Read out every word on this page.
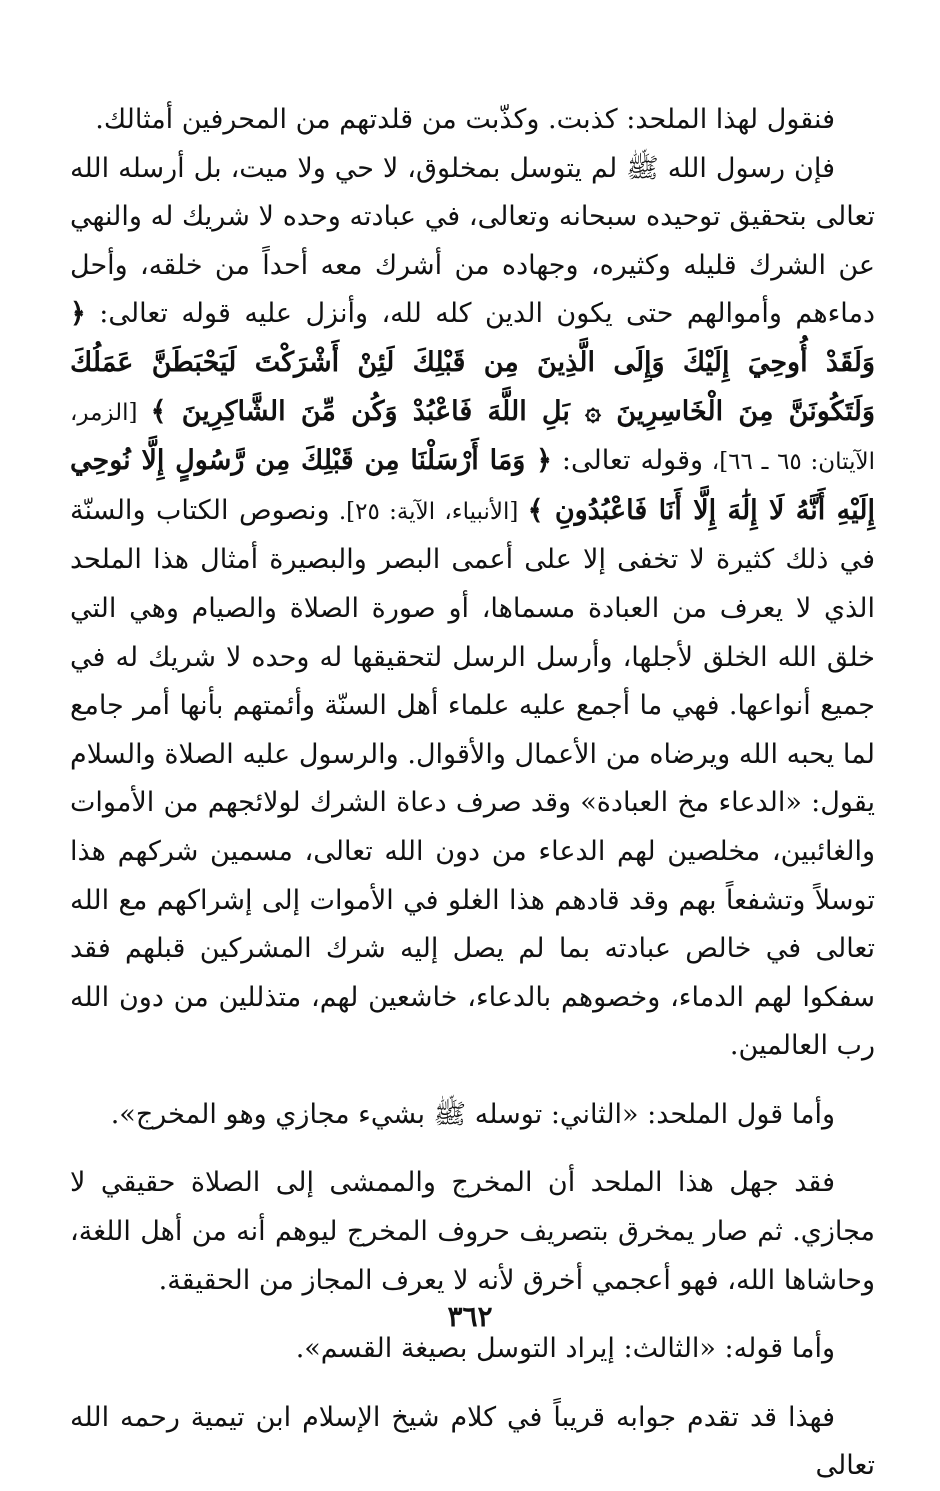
فنقول لهذا الملحد: كذبت. وكذّبت من قلدتهم من المحرفين أمثالك.

فإن رسول الله ﷺ لم يتوسل بمخلوق، لا حي ولا ميت، بل أرسله الله تعالى بتحقيق توحيده سبحانه وتعالى، في عبادته وحده لا شريك له والنهي عن الشرك قليله وكثيره، وجهاده من أشرك معه أحداً من خلقه، وأحل دماءهم وأموالهم حتى يكون الدين كله لله، وأنزل عليه قوله تعالى: ﴿ وَلَقَدْ أُوحِيَ إِلَيْكَ وَإِلَى الَّذِينَ مِن قَبْلِكَ لَئِنْ أَشْرَكْتَ لَيَحْبَطَنَّ عَمَلُكَ وَلَتَكُونَنَّ مِنَ الْخَاسِرِينَ ۞ بَلِ اللَّهَ فَاعْبُدْ وَكُن مِّنَ الشَّاكِرِينَ ﴾ [الزمر، الآيتان: ٦٥ ـ ٦٦]، وقوله تعالى: ﴿ وَمَا أَرْسَلْنَا مِن قَبْلِكَ مِن رَّسُولٍ إِلَّا نُوحِي إِلَيْهِ أَنَّهُ لَا إِلَٰهَ إِلَّا أَنَا فَاعْبُدُونِ ﴾ [الأنبياء، الآية: ٢٥]. ونصوص الكتاب والسنّة في ذلك كثيرة لا تخفى إلا على أعمى البصر والبصيرة أمثال هذا الملحد الذي لا يعرف من العبادة مسماها، أو صورة الصلاة والصيام وهي التي خلق الله الخلق لأجلها، وأرسل الرسل لتحقيقها له وحده لا شريك له في جميع أنواعها. فهي ما أجمع عليه علماء أهل السنّة وأئمتهم بأنها أمر جامع لما يحبه الله ويرضاه من الأعمال والأقوال. والرسول عليه الصلاة والسلام يقول: «الدعاء مخ العبادة» وقد صرف دعاة الشرك لولائجهم من الأموات والغائبين، مخلصين لهم الدعاء من دون الله تعالى، مسمين شركهم هذا توسلاً وتشفعاً بهم وقد قادهم هذا الغلو في الأموات إلى إشراكهم مع الله تعالى في خالص عبادته بما لم يصل إليه شرك المشركين قبلهم فقد سفكوا لهم الدماء، وخصوهم بالدعاء، خاشعين لهم، متذللين من دون الله رب العالمين.

وأما قول الملحد: «الثاني: توسله ﷺ بشيء مجازي وهو المخرج».

فقد جهل هذا الملحد أن المخرج والممشى إلى الصلاة حقيقي لا مجازي. ثم صار يمخرق بتصريف حروف المخرج ليوهم أنه من أهل اللغة، وحاشاها الله، فهو أعجمي أخرق لأنه لا يعرف المجاز من الحقيقة.

وأما قوله: «الثالث: إيراد التوسل بصيغة القسم».

فهذا قد تقدم جوابه قريباً في كلام شيخ الإسلام ابن تيمية رحمه الله تعالى

٣٦٢
